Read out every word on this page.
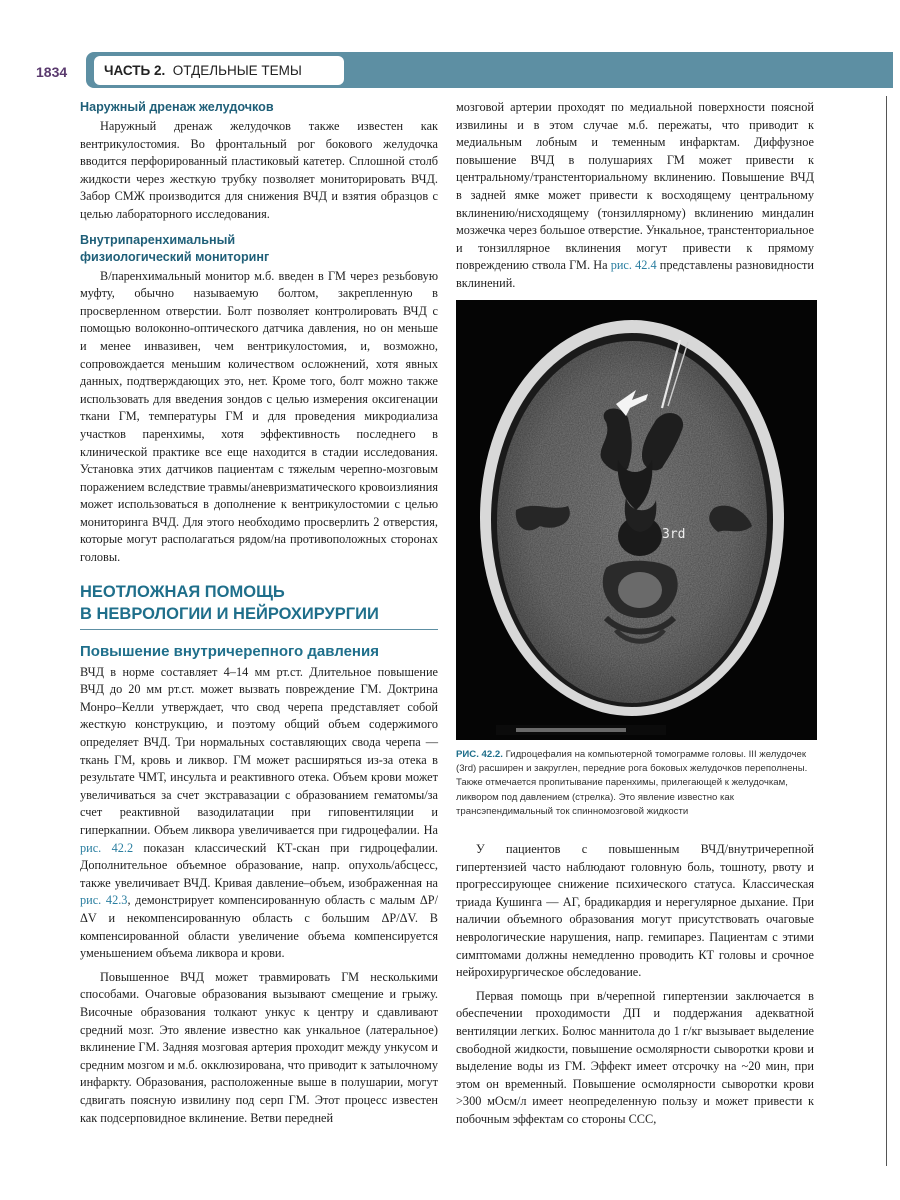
1834	ЧАСТЬ 2. ОТДЕЛЬНЫЕ ТЕМЫ
Наружный дренаж желудочков

Наружный дренаж желудочков также известен как вентрикулостомия. Во фронтальный рог бокового желудочка вводится перфорированный пластиковый катетер. Сплошной столб жидкости через жесткую трубку позволяет мониторировать ВЧД. Забор СМЖ производится для снижения ВЧД и взятия образцов с целью лабораторного исследования.

Внутрипаренхимальный
физиологический мониторинг

В/паренхимальный монитор м.б. введен в ГМ через резьбовую муфту, обычно называемую болтом, закрепленную в просверленном отверстии. Болт позволяет контролировать ВЧД с помощью волоконно-оптического датчика давления, но он меньше и менее инвазивен, чем вентрикулостомия, и, возможно, сопровождается меньшим количеством осложнений, хотя явных данных, подтверждающих это, нет. Кроме того, болт можно также использовать для введения зондов с целью измерения оксигенации ткани ГМ, температуры ГМ и для проведения микродиализа участков паренхимы, хотя эффективность последнего в клинической практике все еще находится в стадии исследования. Установка этих датчиков пациентам с тяжелым черепно-мозговым поражением вследствие травмы/аневризматического кровоизлияния может использоваться в дополнение к вентрикулостомии с целью мониторинга ВЧД. Для этого необходимо просверлить 2 отверстия, которые могут располагаться рядом/на противоположных сторонах головы.

НЕОТЛОЖНАЯ ПОМОЩЬ
В НЕВРОЛОГИИ И НЕЙРОХИРУРГИИ
Повышение внутричерепного давления

ВЧД в норме составляет 4–14 мм рт.ст. Длительное повышение ВЧД до 20 мм рт.ст. может вызвать повреждение ГМ. Доктрина Монро–Келли утверждает, что свод черепа представляет собой жесткую конструкцию, и поэтому общий объем содержимого определяет ВЧД. Три нормальных составляющих свода черепа — ткань ГМ, кровь и ликвор. ГМ может расширяться из-за отека в результате ЧМТ, инсульта и реактивного отека. Объем крови может увеличиваться за счет экстравазации с образованием гематомы/за счет реактивной вазодилатации при гиповентиляции и гиперкапнии. Объем ликвора увеличивается при гидроцефалии. На рис. 42.2 показан классический КТ-скан при гидроцефалии. Дополнительное объемное образование, напр. опухоль/абсцесс, также увеличивает ВЧД. Кривая давление–объем, изображенная на рис. 42.3, демонстрирует компенсированную область с малым ΔP/ΔV и некомпенсированную область с большим ΔP/ΔV. В компенсированной области увеличение объема компенсируется уменьшением объема ликвора и крови.

Повышенное ВЧД может травмировать ГМ несколькими способами. Очаговые образования вызывают смещение и грыжу. Височные образования толкают ункус к центру и сдавливают средний мозг. Это явление известно как ункальное (латеральное) вклинение ГМ. Задняя мозговая артерия проходит между ункусом и средним мозгом и м.б. окклюзирована, что приводит к затылочному инфаркту. Образования, расположенные выше в полушарии, могут сдвигать поясную извилину под серп ГМ. Этот процесс известен как подсерповидное вклинение. Ветви передней

мозговой артерии проходят по медиальной поверхности поясной извилины и в этом случае м.б. пережаты, что приводит к медиальным лобным и теменным инфарктам. Диффузное повышение ВЧД в полушариях ГМ может привести к центральному/транстенториальному вклинению. Повышение ВЧД в задней ямке может привести к восходящему центральному вклинению/нисходящему (тонзиллярному) вклинению миндалин мозжечка через большое отверстие. Ункальное, транстенториальное и тонзиллярное вклинения могут привести к прямому повреждению ствола ГМ. На рис. 42.4 представлены разновидности вклинений.

3rd
РИС. 42.2. Гидроцефалия на компьютерной томограмме головы. III желудочек (3rd) расширен и закруглен, передние рога боковых желудочков переполнены. Также отмечается пропитывание паренхимы, прилегающей к желудочкам, ликвором под давлением (стрелка). Это явление известно как трансэпендимальный ток спинномозговой жидкости

У пациентов с повышенным ВЧД/внутричерепной гипертензией часто наблюдают головную боль, тошноту, рвоту и прогрессирующее снижение психического статуса. Классическая триада Кушинга — АГ, брадикардия и нерегулярное дыхание. При наличии объемного образования могут присутствовать очаговые неврологические нарушения, напр. гемипарез. Пациентам с этими симптомами должны немедленно проводить КТ головы и срочное нейрохирургическое обследование.

Первая помощь при в/черепной гипертензии заключается в обеспечении проходимости ДП и поддержания адекватной вентиляции легких. Болюс маннитола до 1 г/кг вызывает выделение свободной жидкости, повышение осмолярности сыворотки крови и выделение воды из ГМ. Эффект имеет отсрочку на ~20 мин, при этом он временный. Повышение осмолярности сыворотки крови >300 мОсм/л имеет неопределенную пользу и может привести к побочным эффектам со стороны ССС,
